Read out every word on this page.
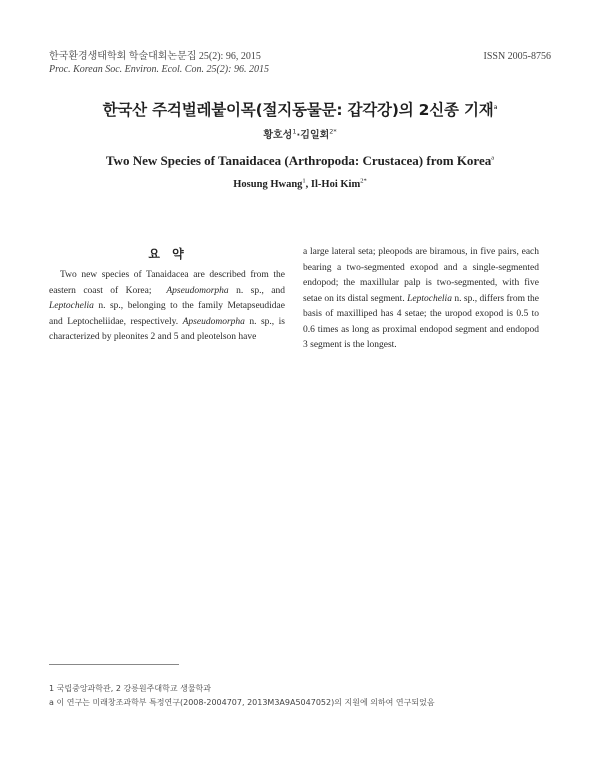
한국환경생태학회 학술대회논문집 25(2): 96, 2015
Proc. Korean Soc. Environ. Ecol. Con. 25(2): 96. 2015
ISSN 2005-8756
한국산 주걱벌레붙이목(절지동물문: 갑각강)의 2신종 기재$^a$
황호성$^1$·김일회$^{2*}$
Two New Species of Tanaidacea (Arthropoda: Crustacea) from Korea$^a$
Hosung Hwang$^1$, Il-Hoi Kim$^{2*}$
요 약
Two new species of Tanaidacea are described from the eastern coast of Korea; Apseudomorpha n. sp., and Leptochelia n. sp., belonging to the family Metapseudidae and Leptocheliidae, respectively. Apseudomorpha n. sp., is characterized by pleonites 2 and 5 and pleotelson have
a large lateral seta; pleopods are biramous, in five pairs, each bearing a two-segmented exopod and a single-segmented endopod; the maxillular palp is two-segmented, with five setae on its distal segment. Leptochelia n. sp., differs from the basis of maxilliped has 4 setae; the uropod exopod is 0.5 to 0.6 times as long as proximal endopod segment and endopod 3 segment is the longest.
1 국립중앙과학관, 2 강릉원주대학교 생물학과
a 이 연구는 미래창조과학부 특정연구(2008-2004707, 2013M3A9A5047052)의 지원에 의하여 연구되었음
